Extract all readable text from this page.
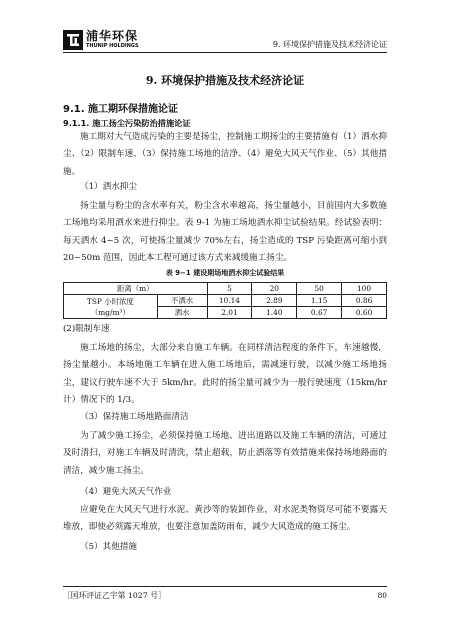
浦华环保
THUNIP HOLDINGS	9. 环境保护措施及技术经济论证
9. 环境保护措施及技术经济论证
9.1. 施工期环保措施论证
9.1.1. 施工扬尘污染防治措施论证
施工期对大气造成污染的主要是扬尘，控制施工期扬尘的主要措施有（1）洒水抑尘、（2）限制车速、（3）保持施工场地的洁净、（4）避免大风天气作业、（5）其他措施。
（1）洒水抑尘
扬尘量与粉尘的含水率有关，粉尘含水率越高，扬尘量越小，目前国内大多数施工场地均采用洒水来进行抑尘。表 9-1 为施工场地洒水抑尘试验结果。经试验表明：每天洒水 4~5 次，可使扬尘量减少 70%左右，扬尘造成的 TSP 污染距离可缩小到 20~50m 范围，因此本工程可通过该方式来减缓施工扬尘。
表 9−1 建设期场地洒水抑尘试验结果
距离（m）		5	20	50	100
TSP 小时浓度
（mg/m³）	不洒水	10.14	2.89	1.15	0.86
	洒水	2.01	1.40	0.67	0.60
(2)限制车速
施工场地的扬尘，大部分来自施工车辆。在同样清洁程度的条件下，车速越慢，扬尘量越小。本场地施工车辆在进入施工场地后，需减速行驶，以减少施工场地扬尘，建议行驶车速不大于 5km/hr。此时的扬尘量可减少为一般行驶速度（15km/hr 计）情况下的 1/3。
（3）保持施工场地路面清洁
为了减少施工扬尘，必须保持施工场地、进出道路以及施工车辆的清洁，可通过及时清扫，对施工车辆及时清洗，禁止超载，防止洒落等有效措施来保持场地路面的清洁，减少施工扬尘。
（4）避免大风天气作业
应避免在大风天气进行水泥、黄沙等的装卸作业，对水泥类物资尽可能不要露天堆放，即使必须露天堆放，也要注意加盖防雨布，减少大风造成的施工扬尘。
（5）其他措施
［国环评证乙字第 1027 号］	80
